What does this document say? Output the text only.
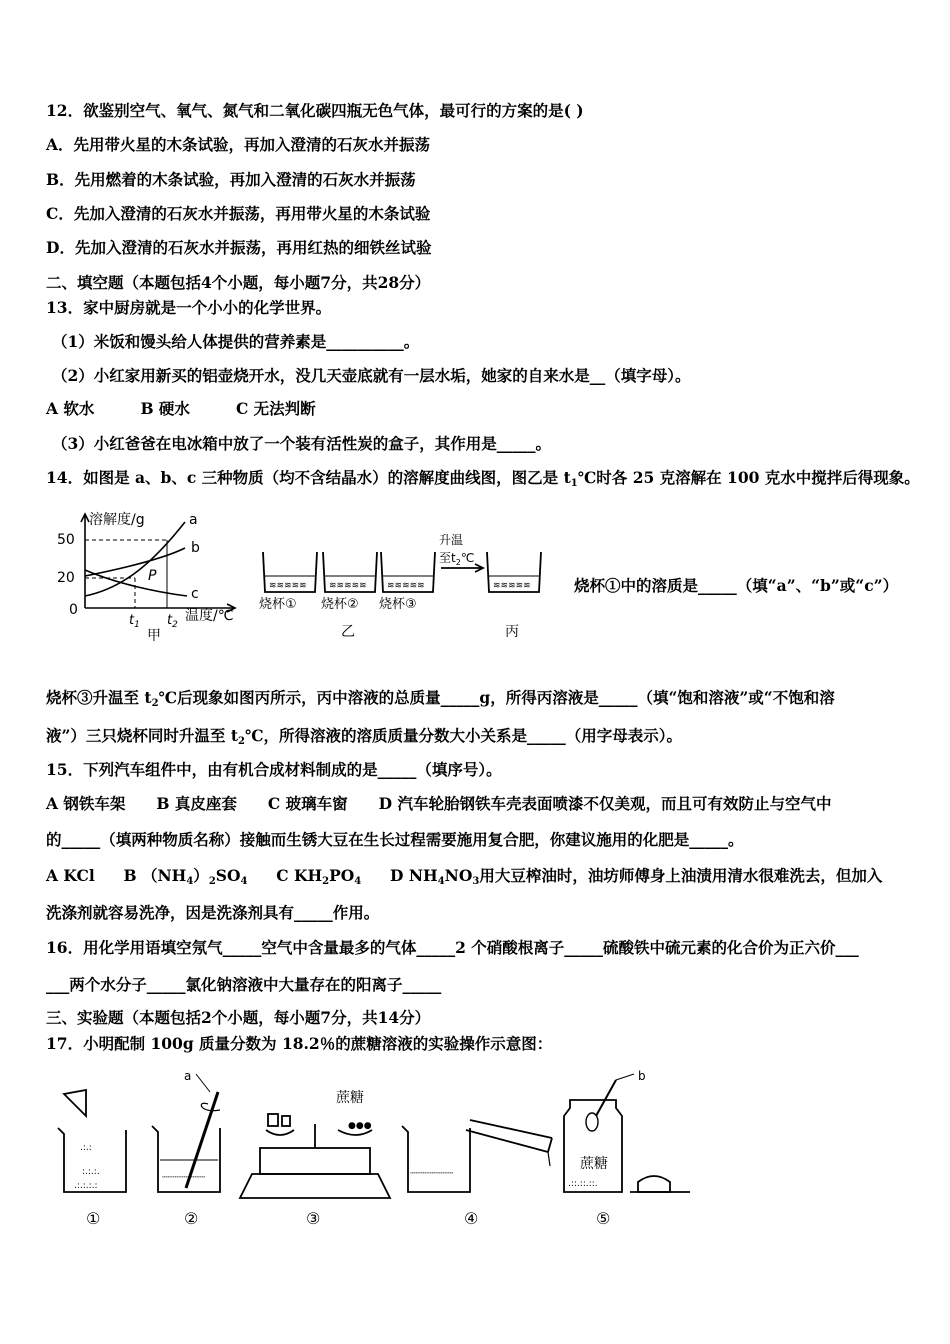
12．欲鉴别空气、氧气、氮气和二氧化碳四瓶无色气体，最可行的方案的是( )
A．先用带火星的木条试验，再加入澄清的石灰水并振荡
B．先用燃着的木条试验，再加入澄清的石灰水并振荡
C．先加入澄清的石灰水并振荡，再用带火星的木条试验
D．先加入澄清的石灰水并振荡，再用红热的细铁丝试验
二、填空题（本题包括4个小题，每小题7分，共28分）
13．家中厨房就是一个小小的化学世界。
（1）米饭和馒头给人体提供的营养素是__________。
（2）小红家用新买的铝壶烧开水，没几天壶底就有一层水垢，她家的自来水是__（填字母）。
A 软水	B 硬水	C 无法判断
（3）小红爸爸在电冰箱中放了一个装有活性炭的盒子，其作用是_____。
14．如图是 a、b、c 三种物质（均不含结晶水）的溶解度曲线图，图乙是 $t_1℃$时各 25 克溶解在 100 克水中搅拌后得现象。
溶解度/g
50
20
0
a
b
c
P
$t_1$ $t_2$
温度/℃
甲
≋≋≋≋≋ ≋≋≋≋≋ ≋≋≋≋≋	≋≋≋≋≋
升温
至$t_2℃$
烧杯① 烧杯② 烧杯③
乙	丙
烧杯①中的溶质是_____（填“a”、“b”或“c”）
烧杯③升温至 $t_2℃$后现象如图丙所示，丙中溶液的总质量_____g，所得丙溶液是_____（填“饱和溶液”或“不饱和溶
液”）三只烧杯同时升温至 $t_2℃$，所得溶液的溶质质量分数大小关系是_____（用字母表示）。
15．下列汽车组件中，由有机合成材料制成的是_____（填序号）。
A 钢铁车架　　B 真皮座套　　C 玻璃车窗　　D 汽车轮胎钢铁车壳表面喷漆不仅美观，而且可有效防止与空气中
的_____（填两种物质名称）接触而生锈大豆在生长过程需要施用复合肥，你建议施用的化肥是_____。
A KCl B $(NH_4)_2SO_4$ C $KH_2PO_4$ D $NH_4NO_3$用大豆榨油时，油坊师傅身上油渍用清水很难洗去，但加入
洗涤剂就容易洗净，因是洗涤剂具有_____作用。
16．用化学用语填空氖气_____空气中含量最多的气体_____2 个硝酸根离子_____硫酸铁中硫元素的化合价为正六价___
___两个水分子_____氯化钠溶液中大量存在的阳离子_____
三、实验题（本题包括2个小题，每小题7分，共14分）
17．小明配制 100g 质量分数为 18.2％的蔗糖溶液的实验操作示意图：
.:.:
:.:.:.
.:.:.:.:
┄┄┄┄┄┄┄┄
●●●
┄┄┄┄┄┄┄┄
.::.::.::.
a	b
蔗糖
蔗糖
①	②	③	④	⑤
